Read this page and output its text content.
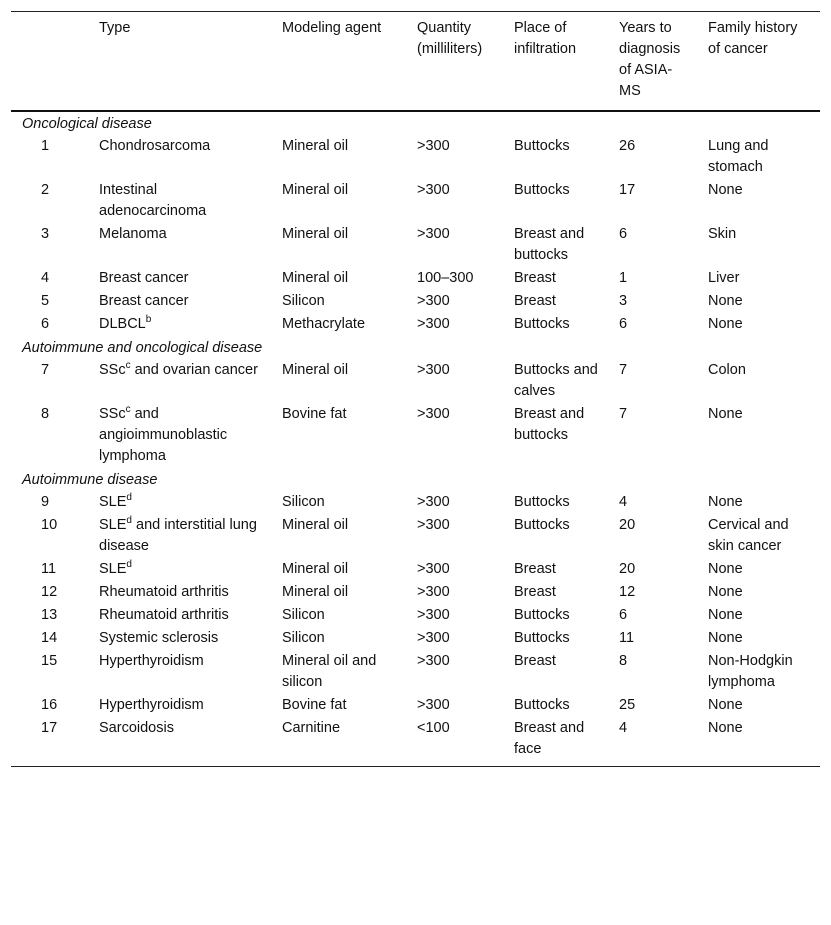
	Type	Modeling agent	Quantity (milliliters)	Place of infiltration	Years to diagnosis of ASIA-MS	Family history of cancer
Oncological disease						
1	Chondrosarcoma	Mineral oil	>300	Buttocks	26	Lung and stomach
2	Intestinal adenocarcinoma	Mineral oil	>300	Buttocks	17	None
3	Melanoma	Mineral oil	>300	Breast and buttocks	6	Skin
4	Breast cancer	Mineral oil	100–300	Breast	1	Liver
5	Breast cancer	Silicon	>300	Breast	3	None
6	DLBCL$^b$	Methacrylate	>300	Buttocks	6	None
Autoimmune and oncological disease						
7	SSc$^c$ and ovarian cancer	Mineral oil	>300	Buttocks and calves	7	Colon
8	SSc$^c$ and angioimmunoblastic lymphoma	Bovine fat	>300	Breast and buttocks	7	None
Autoimmune disease						
9	SLE$^d$	Silicon	>300	Buttocks	4	None
10	SLE$^d$ and interstitial lung disease	Mineral oil	>300	Buttocks	20	Cervical and skin cancer
11	SLE$^d$	Mineral oil	>300	Breast	20	None
12	Rheumatoid arthritis	Mineral oil	>300	Breast	12	None
13	Rheumatoid arthritis	Silicon	>300	Buttocks	6	None
14	Systemic sclerosis	Silicon	>300	Buttocks	11	None
15	Hyperthyroidism	Mineral oil and silicon	>300	Breast	8	Non-Hodgkin lymphoma
16	Hyperthyroidism	Bovine fat	>300	Buttocks	25	None
17	Sarcoidosis	Carnitine	<100	Breast and face	4	None
